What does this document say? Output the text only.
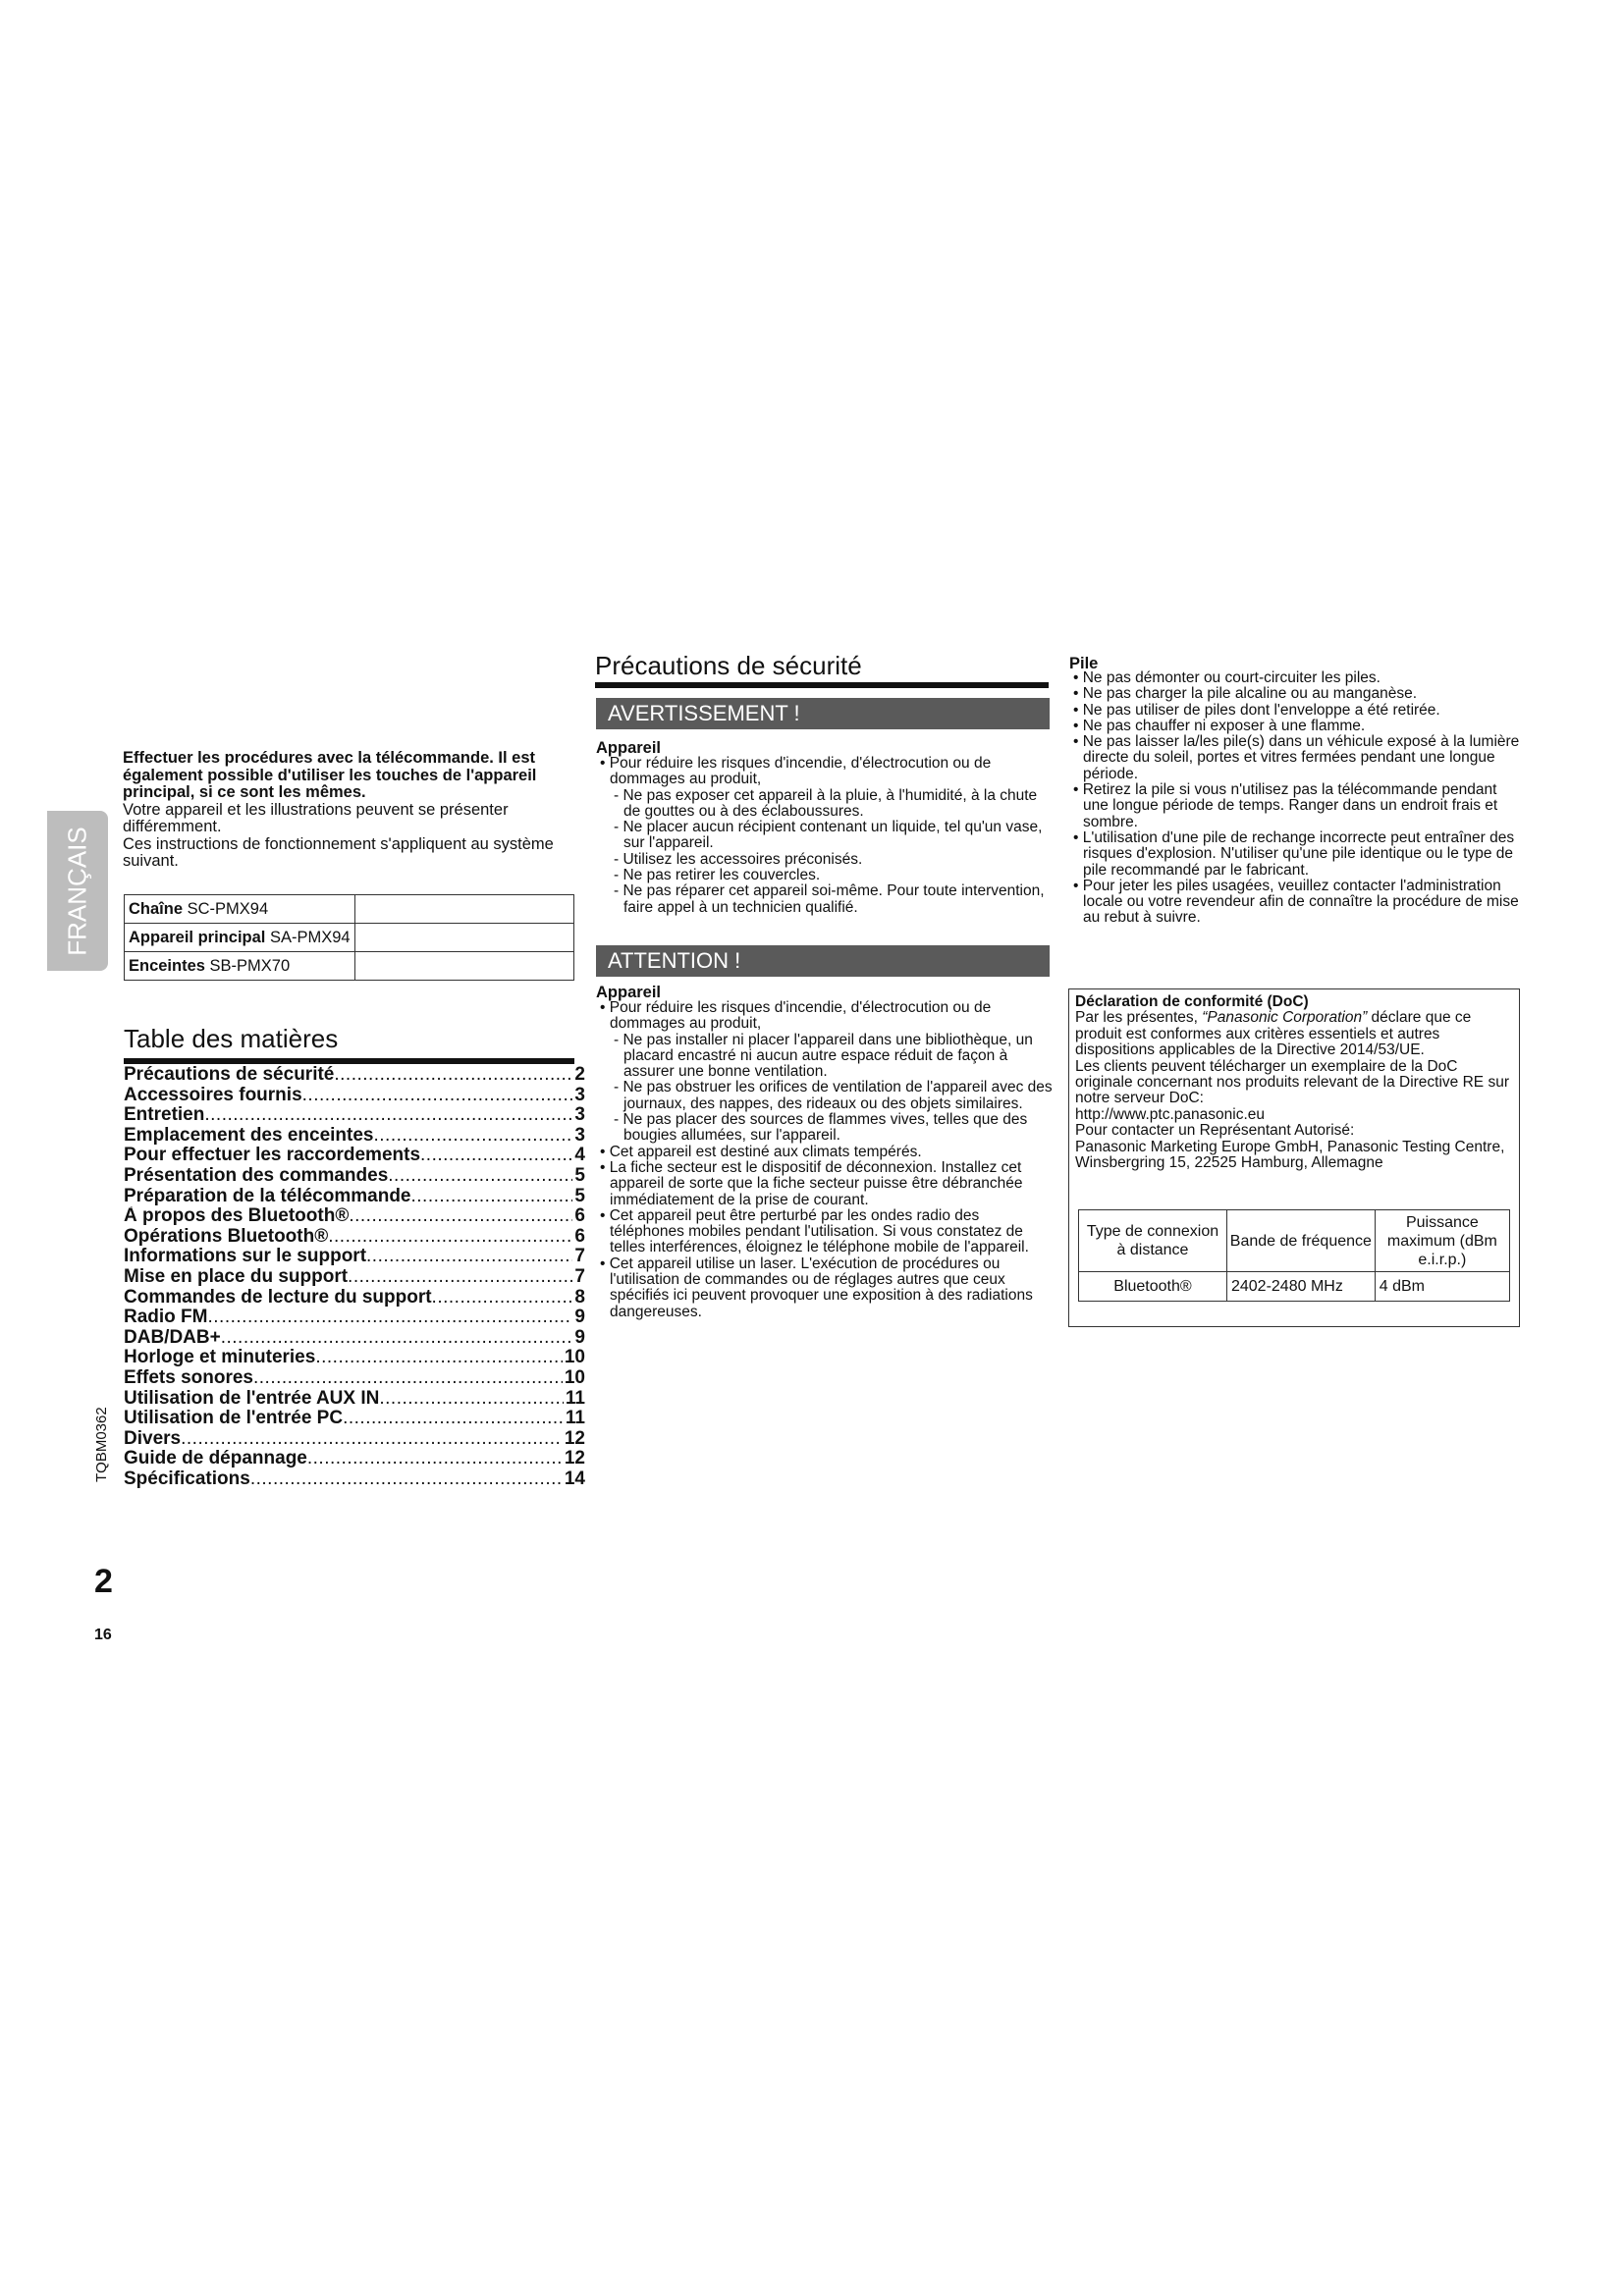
Effectuer les procédures avec la télécommande. Il est également possible d'utiliser les touches de l'appareil principal, si ce sont les mêmes.

Votre appareil et les illustrations peuvent se présenter différemment.

Ces instructions de fonctionnement s'appliquent au système suivant.

Chaîne SC-PMX94	
Appareil principal SA-PMX94	
Enceintes SB-PMX70	
Table des matières
Précautions de sécurité .....	2
Accessoires fournis .....	3
Entretien .....	3
Emplacement des enceintes .....	3
Pour effectuer les raccordements .....	4
Présentation des commandes .....	5
Préparation de la télécommande .....	5
À propos des Bluetooth® .....	6
Opérations Bluetooth® .....	6
Informations sur le support .....	7
Mise en place du support .....	7
Commandes de lecture du support .....	8
Radio FM .....	9
DAB/DAB+ .....	9
Horloge et minuteries .....	10
Effets sonores .....	10
Utilisation de l'entrée AUX IN .....	11
Utilisation de l'entrée PC .....	11
Divers .....	12
Guide de dépannage .....	12
Spécifications .....	14
FRANÇAIS
TQBM0362
2
16
Précautions de sécurité
AVERTISSEMENT !
Appareil

• Pour réduire les risques d'incendie, d'électrocution ou de dommages au produit,

- Ne pas exposer cet appareil à la pluie, à l'humidité, à la chute de gouttes ou à des éclaboussures.

- Ne placer aucun récipient contenant un liquide, tel qu'un vase, sur l'appareil.

- Utilisez les accessoires préconisés.

- Ne pas retirer les couvercles.

- Ne pas réparer cet appareil soi-même. Pour toute intervention, faire appel à un technicien qualifié.

ATTENTION !
Appareil

• Pour réduire les risques d'incendie, d'électrocution ou de dommages au produit,

- Ne pas installer ni placer l'appareil dans une bibliothèque, un placard encastré ni aucun autre espace réduit de façon à assurer une bonne ventilation.

- Ne pas obstruer les orifices de ventilation de l'appareil avec des journaux, des nappes, des rideaux ou des objets similaires.

- Ne pas placer des sources de flammes vives, telles que des bougies allumées, sur l'appareil.

• Cet appareil est destiné aux climats tempérés.

• La fiche secteur est le dispositif de déconnexion. Installez cet appareil de sorte que la fiche secteur puisse être débranchée immédiatement de la prise de courant.

• Cet appareil peut être perturbé par les ondes radio des téléphones mobiles pendant l'utilisation. Si vous constatez de telles interférences, éloignez le téléphone mobile de l'appareil.

• Cet appareil utilise un laser. L'exécution de procédures ou l'utilisation de commandes ou de réglages autres que ceux spécifiés ici peuvent provoquer une exposition à des radiations dangereuses.

Pile

• Ne pas démonter ou court-circuiter les piles.

• Ne pas charger la pile alcaline ou au manganèse.

• Ne pas utiliser de piles dont l'enveloppe a été retirée.

• Ne pas chauffer ni exposer à une flamme.

• Ne pas laisser la/les pile(s) dans un véhicule exposé à la lumière directe du soleil, portes et vitres fermées pendant une longue période.

• Retirez la pile si vous n'utilisez pas la télécommande pendant une longue période de temps. Ranger dans un endroit frais et sombre.

• L'utilisation d'une pile de rechange incorrecte peut entraîner des risques d'explosion. N'utiliser qu'une pile identique ou le type de pile recommandé par le fabricant.

• Pour jeter les piles usagées, veuillez contacter l'administration locale ou votre revendeur afin de connaître la procédure de mise au rebut à suivre.

Déclaration de conformité (DoC)

Par les présentes, “Panasonic Corporation” déclare que ce produit est conformes aux critères essentiels et autres dispositions applicables de la Directive 2014/53/UE.

Les clients peuvent télécharger un exemplaire de la DoC originale concernant nos produits relevant de la Directive RE sur notre serveur DoC:

http://www.ptc.panasonic.eu

Pour contacter un Représentant Autorisé:

Panasonic Marketing Europe GmbH, Panasonic Testing Centre, Winsbergring 15, 22525 Hamburg, Allemagne

Type de connexion à distance	Bande de fréquence	Puissance maximum (dBm e.i.r.p.)
Bluetooth®	2402-2480 MHz	4 dBm
